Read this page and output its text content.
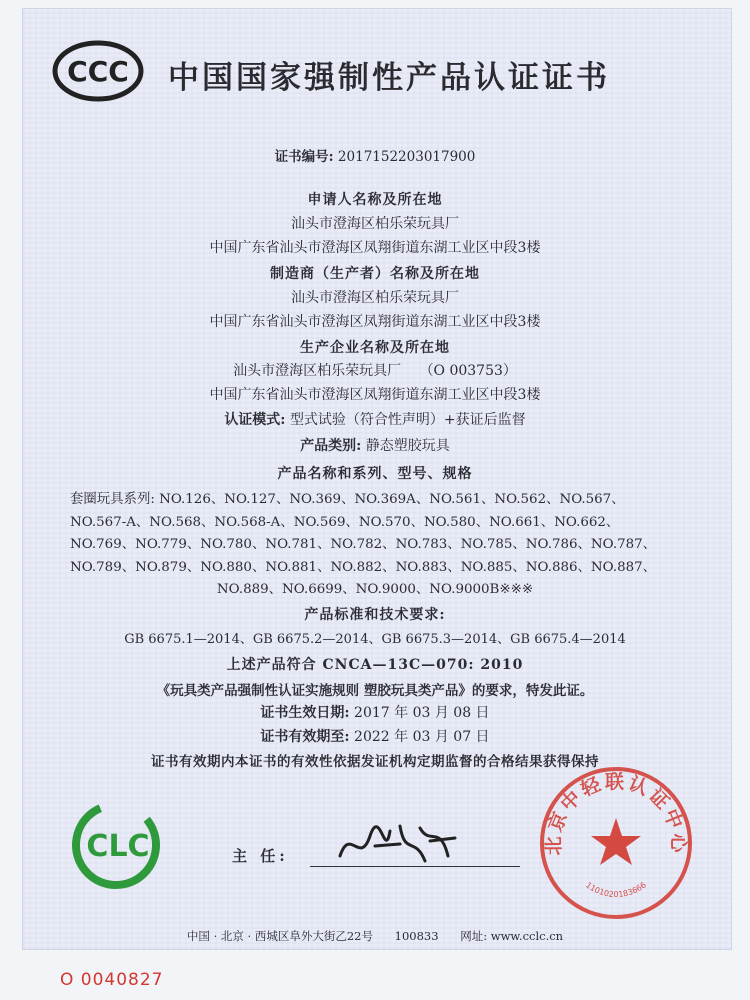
CCC 中国国家强制性产品认证证书
证书编号: 2017152203017900
申请人名称及所在地
汕头市澄海区柏乐荣玩具厂
中国广东省汕头市澄海区凤翔街道东湖工业区中段3楼
制造商（生产者）名称及所在地
汕头市澄海区柏乐荣玩具厂
中国广东省汕头市澄海区凤翔街道东湖工业区中段3楼
生产企业名称及所在地
汕头市澄海区柏乐荣玩具厂 （O 003753）
中国广东省汕头市澄海区凤翔街道东湖工业区中段3楼
认证模式: 型式试验（符合性声明）+获证后监督
产品类别: 静态塑胶玩具
产品名称和系列、型号、规格
套圈玩具系列: NO.126、NO.127、NO.369、NO.369A、NO.561、NO.562、NO.567、
NO.567-A、NO.568、NO.568-A、NO.569、NO.570、NO.580、NO.661、NO.662、
NO.769、NO.779、NO.780、NO.781、NO.782、NO.783、NO.785、NO.786、NO.787、
NO.789、NO.879、NO.880、NO.881、NO.882、NO.883、NO.885、NO.886、NO.887、
NO.889、NO.6699、NO.9000、NO.9000B※※※
产品标准和技术要求:
GB 6675.1—2014、GB 6675.2—2014、GB 6675.3—2014、GB 6675.4—2014
上述产品符合 CNCA—13C—070: 2010
《玩具类产品强制性认证实施规则 塑胶玩具类产品》的要求，特发此证。
证书生效日期: 2017 年 03 月 08 日
证书有效期至: 2022 年 03 月 07 日
证书有效期内本证书的有效性依据发证机构定期监督的合格结果获得保持
CLC	北京中轻联认证中心
1101020183666
主 任:
中国 · 北京 · 西城区阜外大街乙22号 100833 网址: www.cclc.cn
O 0040827
